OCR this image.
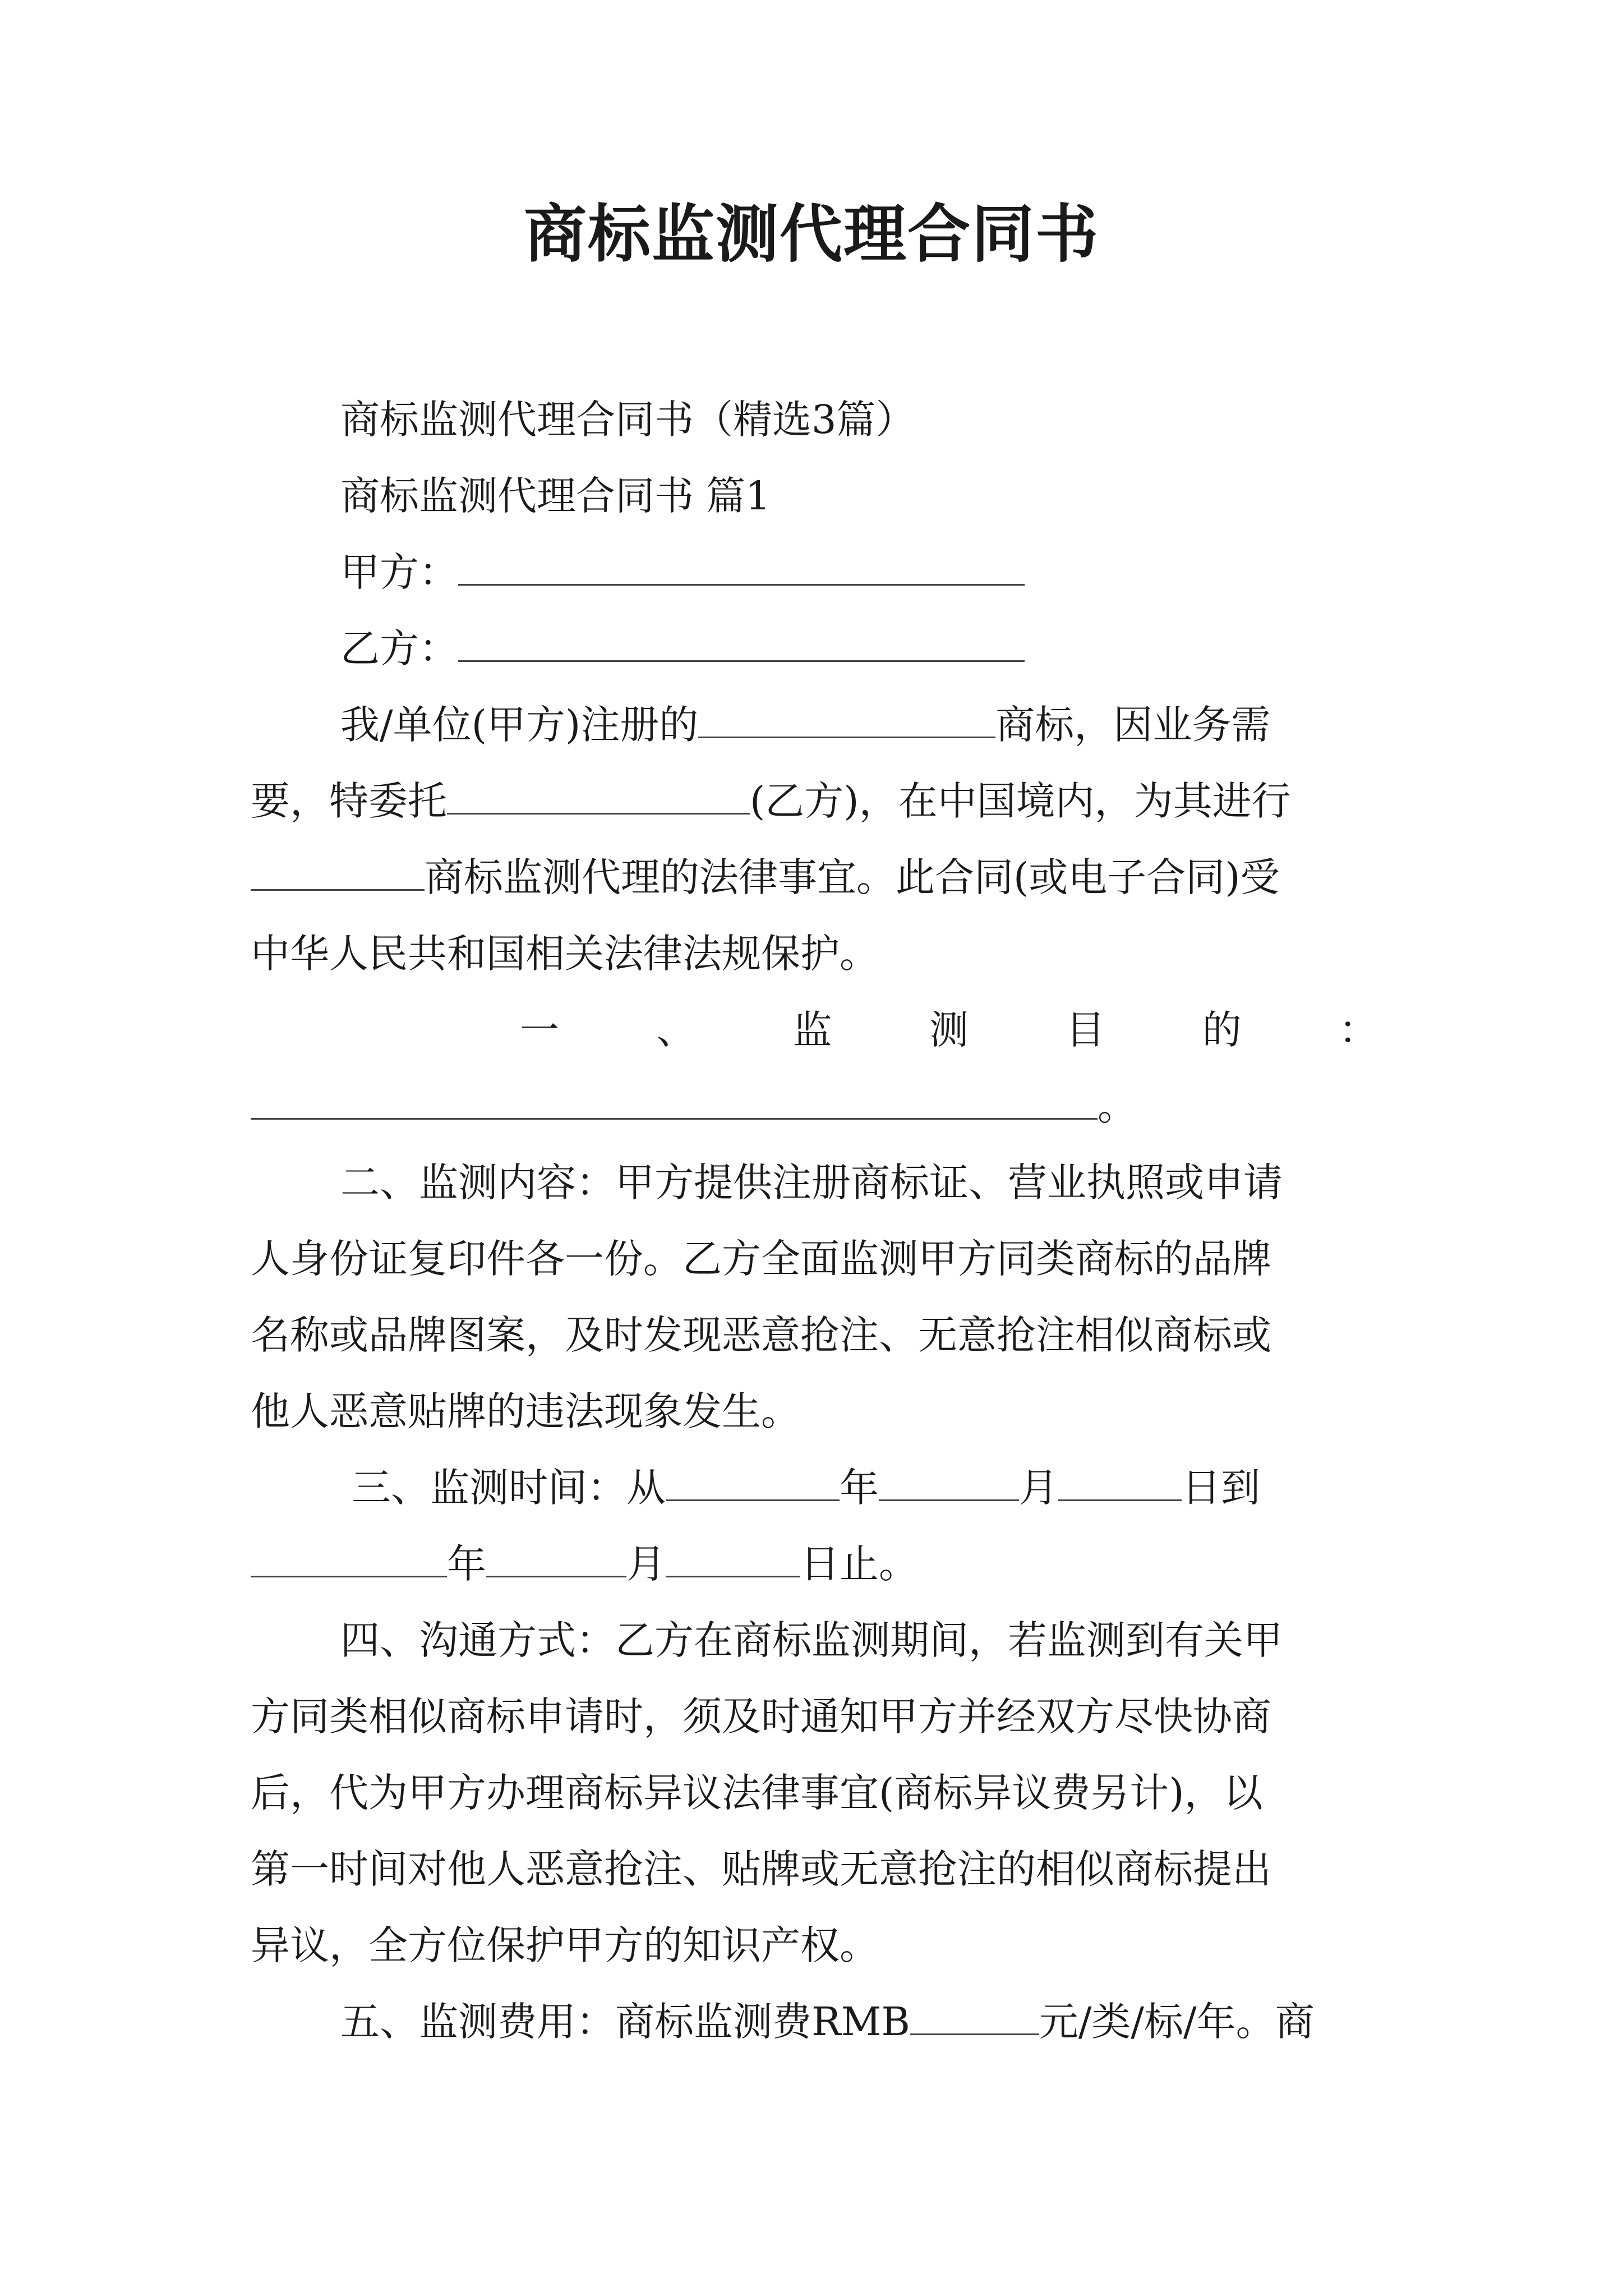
商标监测代理合同书
商标监测代理合同书（精选3篇）
商标监测代理合同书 篇1
甲方：
乙方：
我/单位(甲方)注册的	商标，因业务需
要，特委托	(乙方)，在中国境内，为其进行
商标监测代理的法律事宜。此合同(或电子合同)受
中华人民共和国相关法律法规保护。
一 、 监 测 目 的 ：
。
二、监测内容：甲方提供注册商标证、营业执照或申请
人身份证复印件各一份。乙方全面监测甲方同类商标的品牌
名称或品牌图案，及时发现恶意抢注、无意抢注相似商标或
他人恶意贴牌的违法现象发生。
三、监测时间：从	年	月	日到
年	月	日止。
四、沟通方式：乙方在商标监测期间，若监测到有关甲
方同类相似商标申请时，须及时通知甲方并经双方尽快协商
后，代为甲方办理商标异议法律事宜(商标异议费另计)，以
第一时间对他人恶意抢注、贴牌或无意抢注的相似商标提出
异议，全方位保护甲方的知识产权。
五、监测费用：商标监测费RMB	元/类/标/年。商
